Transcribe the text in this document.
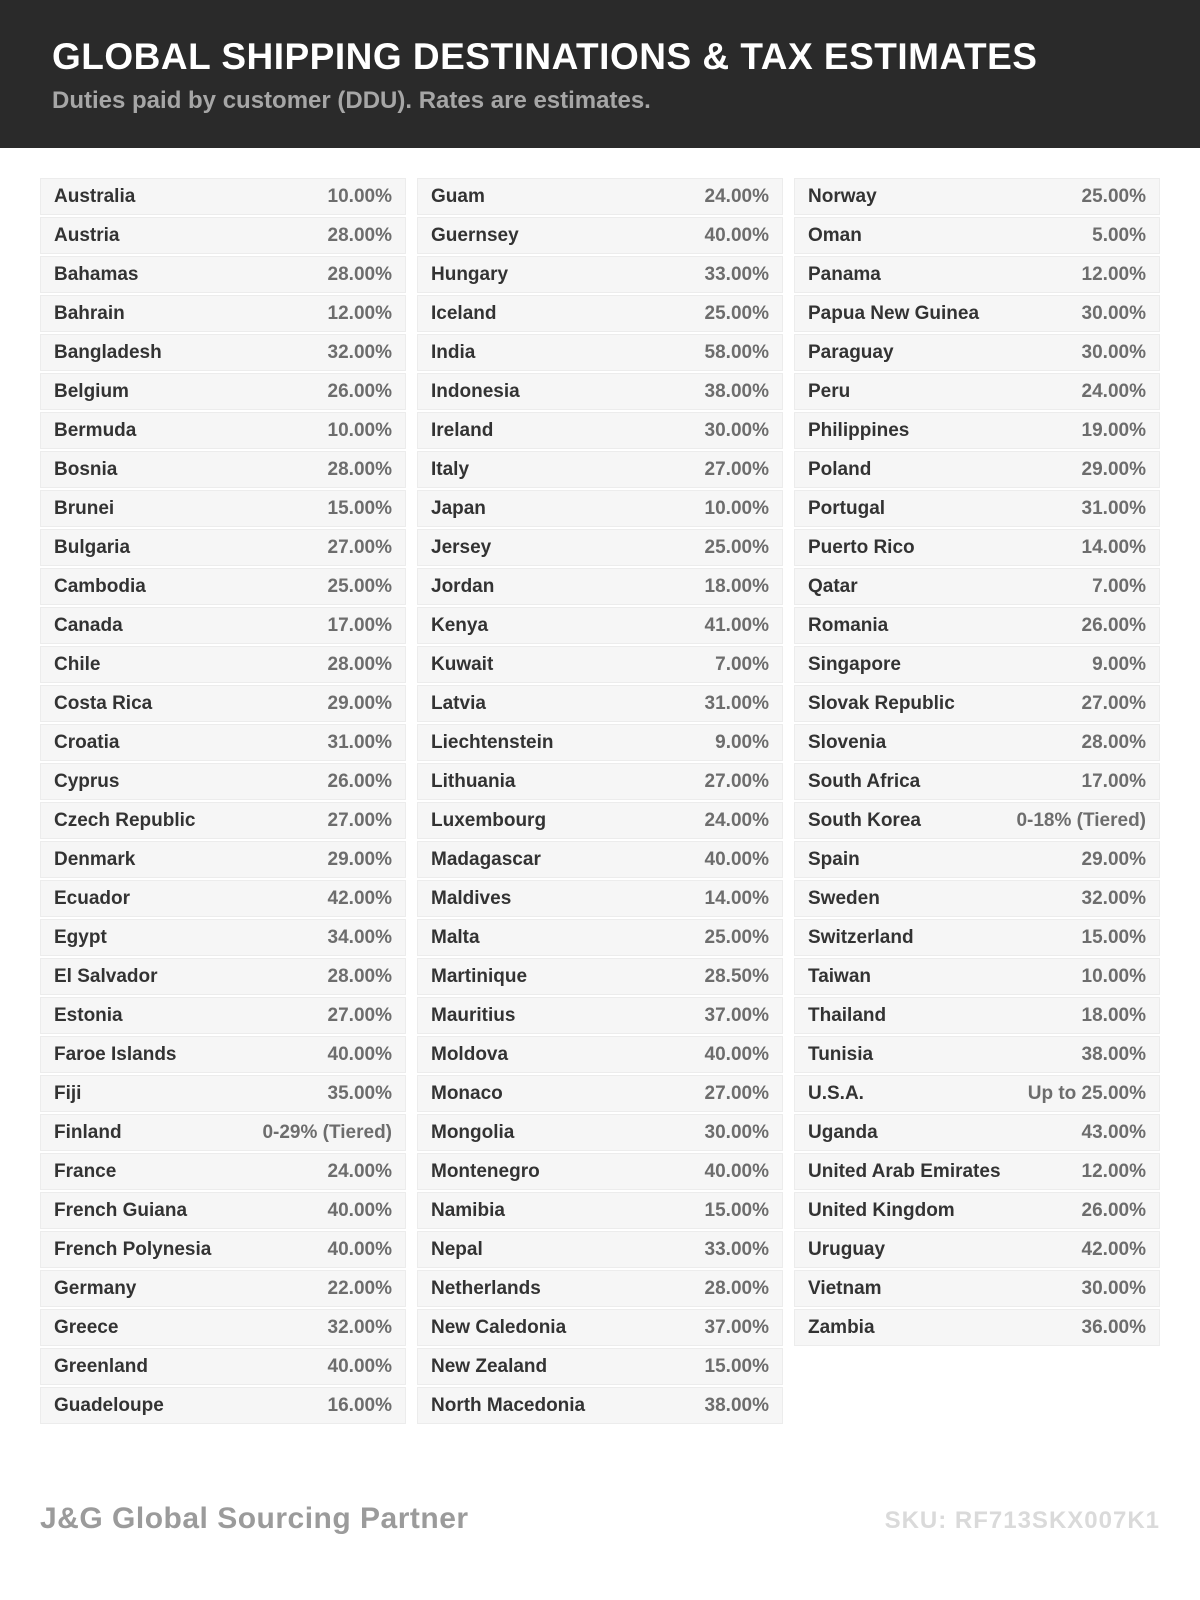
GLOBAL SHIPPING DESTINATIONS & TAX ESTIMATES

Duties paid by customer (DDU). Rates are estimates.

Australia	10.00%
Austria	28.00%
Bahamas	28.00%
Bahrain	12.00%
Bangladesh	32.00%
Belgium	26.00%
Bermuda	10.00%
Bosnia	28.00%
Brunei	15.00%
Bulgaria	27.00%
Cambodia	25.00%
Canada	17.00%
Chile	28.00%
Costa Rica	29.00%
Croatia	31.00%
Cyprus	26.00%
Czech Republic	27.00%
Denmark	29.00%
Ecuador	42.00%
Egypt	34.00%
El Salvador	28.00%
Estonia	27.00%
Faroe Islands	40.00%
Fiji	35.00%
Finland	0-29% (Tiered)
France	24.00%
French Guiana	40.00%
French Polynesia	40.00%
Germany	22.00%
Greece	32.00%
Greenland	40.00%
Guadeloupe	16.00%
Guam	24.00%
Guernsey	40.00%
Hungary	33.00%
Iceland	25.00%
India	58.00%
Indonesia	38.00%
Ireland	30.00%
Italy	27.00%
Japan	10.00%
Jersey	25.00%
Jordan	18.00%
Kenya	41.00%
Kuwait	7.00%
Latvia	31.00%
Liechtenstein	9.00%
Lithuania	27.00%
Luxembourg	24.00%
Madagascar	40.00%
Maldives	14.00%
Malta	25.00%
Martinique	28.50%
Mauritius	37.00%
Moldova	40.00%
Monaco	27.00%
Mongolia	30.00%
Montenegro	40.00%
Namibia	15.00%
Nepal	33.00%
Netherlands	28.00%
New Caledonia	37.00%
New Zealand	15.00%
North Macedonia	38.00%
Norway	25.00%
Oman	5.00%
Panama	12.00%
Papua New Guinea	30.00%
Paraguay	30.00%
Peru	24.00%
Philippines	19.00%
Poland	29.00%
Portugal	31.00%
Puerto Rico	14.00%
Qatar	7.00%
Romania	26.00%
Singapore	9.00%
Slovak Republic	27.00%
Slovenia	28.00%
South Africa	17.00%
South Korea	0-18% (Tiered)
Spain	29.00%
Sweden	32.00%
Switzerland	15.00%
Taiwan	10.00%
Thailand	18.00%
Tunisia	38.00%
U.S.A.	Up to 25.00%
Uganda	43.00%
United Arab Emirates	12.00%
United Kingdom	26.00%
Uruguay	42.00%
Vietnam	30.00%
Zambia	36.00%
J&G Global Sourcing Partner	SKU: RF713SKX007K1
